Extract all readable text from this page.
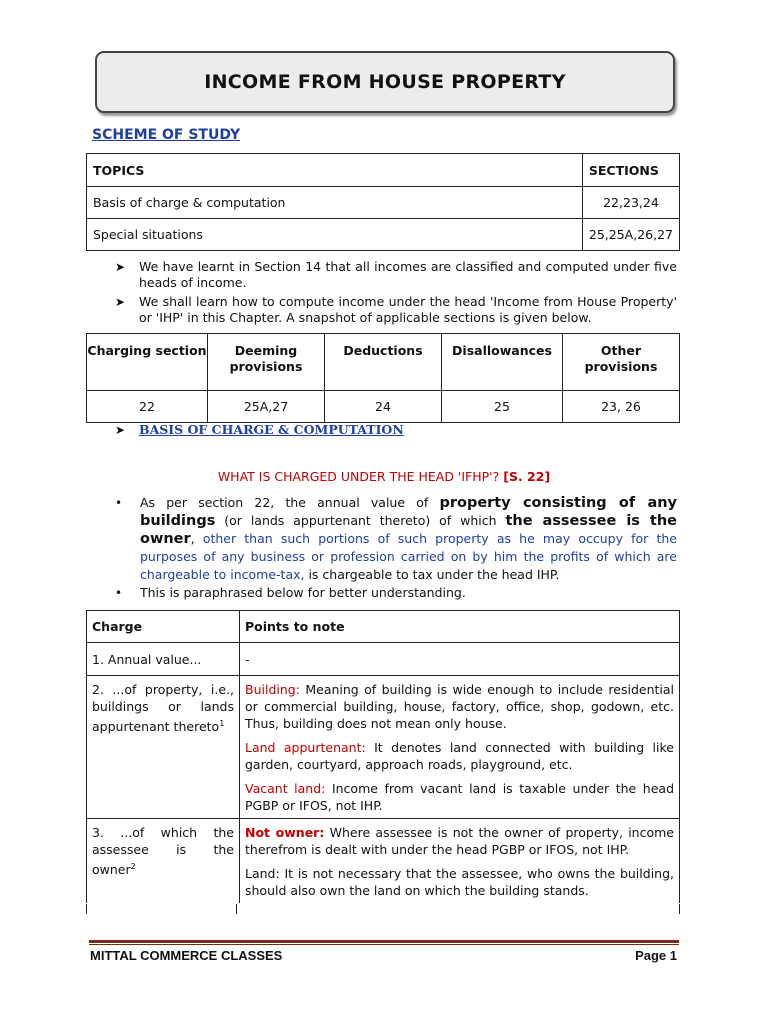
INCOME FROM HOUSE PROPERTY
SCHEME OF STUDY
TOPICS	SECTIONS
Basis of charge & computation	22,23,24
Special situations	25,25A,26,27
➤ We have learnt in Section 14 that all incomes are classified and computed under five heads of income.
➤ We shall learn how to compute income under the head 'Income from House Property' or 'IHP' in this Chapter. A snapshot of applicable sections is given below.
Charging section	Deeming provisions	Deductions	Disallowances	Other provisions
22	25A,27	24	25	23, 26
➤	BASIS OF CHARGE & COMPUTATION
WHAT IS CHARGED UNDER THE HEAD 'IFHP'? [S. 22]
• As per section 22, the annual value of property consisting of any buildings (or lands appurtenant thereto) of which the assessee is the owner, other than such portions of such property as he may occupy for the purposes of any business or profession carried on by him the profits of which are chargeable to income-tax, is chargeable to tax under the head IHP.
• This is paraphrased below for better understanding.
Charge	Points to note
1. Annual value...	-
2. ...of property, i.e., buildings or lands appurtenant thereto$^1$	Building: Meaning of building is wide enough to include residential or commercial building, house, factory, office, shop, godown, etc. Thus, building does not mean only house.

Land appurtenant: It denotes land connected with building like garden, courtyard, approach roads, playground, etc.

Vacant land: Income from vacant land is taxable under the head PGBP or IFOS, not IHP.

3. ...of which the assessee is the owner$^2$	Not owner: Where assessee is not the owner of property, income therefrom is dealt with under the head PGBP or IFOS, not IHP.

Land: It is not necessary that the assessee, who owns the building, should also own the land on which the building stands.

MITTAL COMMERCE CLASSES	Page 1
